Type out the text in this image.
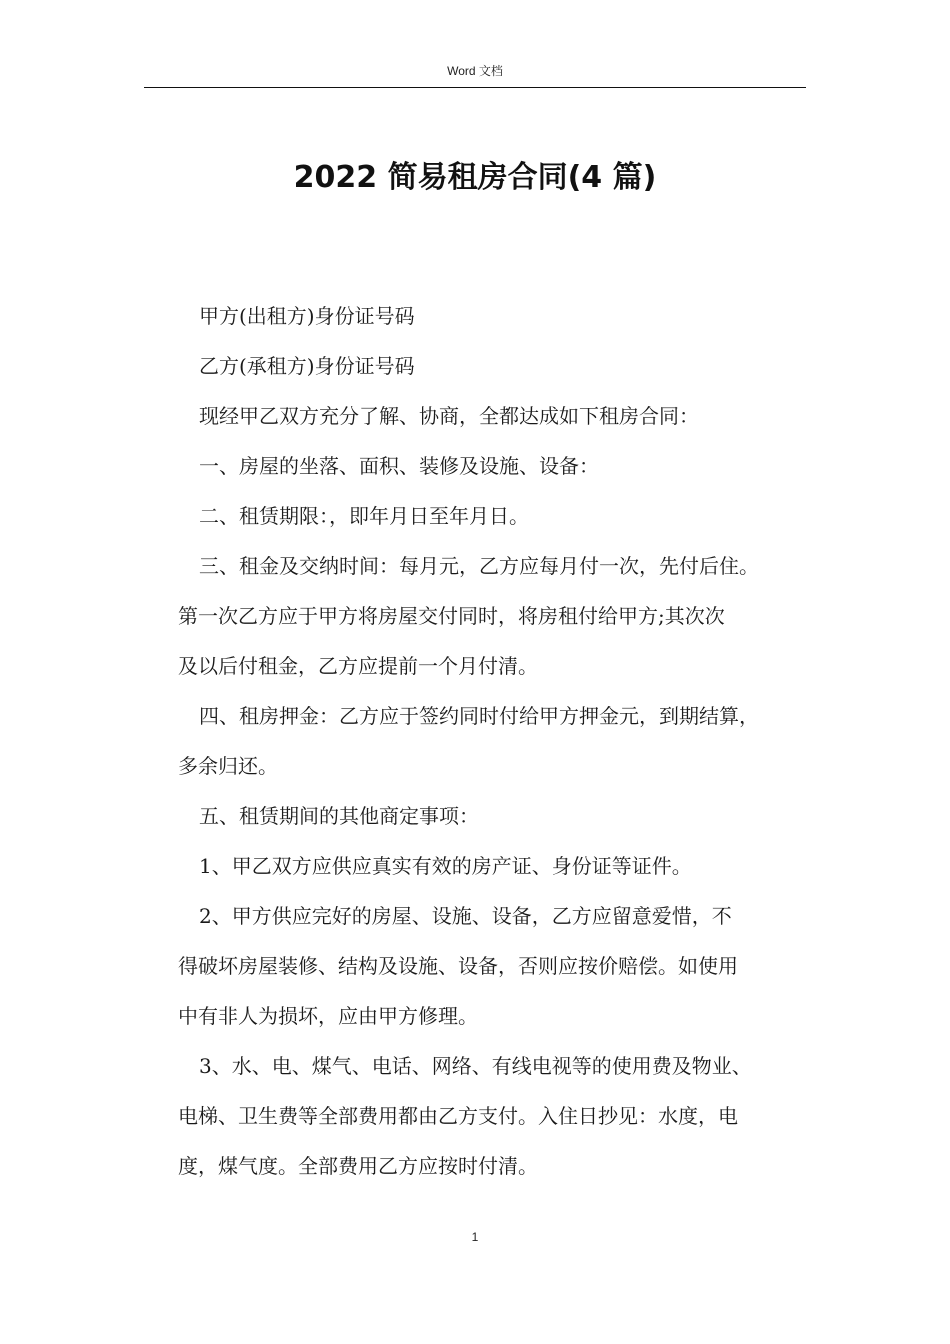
Word 文档
2022 简易租房合同(4 篇)

甲方(出租方)身份证号码

乙方(承租方)身份证号码

现经甲乙双方充分了解、协商，全都达成如下租房合同：

一、房屋的坐落、面积、装修及设施、设备：

二、租赁期限：，即年月日至年月日。

三、租金及交纳时间：每月元，乙方应每月付一次，先付后住。

第一次乙方应于甲方将房屋交付同时，将房租付给甲方;其次次

及以后付租金，乙方应提前一个月付清。

四、租房押金：乙方应于签约同时付给甲方押金元，到期结算，

多余归还。

五、租赁期间的其他商定事项：

1、甲乙双方应供应真实有效的房产证、身份证等证件。

2、甲方供应完好的房屋、设施、设备，乙方应留意爱惜，不

得破坏房屋装修、结构及设施、设备，否则应按价赔偿。如使用

中有非人为损坏，应由甲方修理。

3、水、电、煤气、电话、网络、有线电视等的使用费及物业、

电梯、卫生费等全部费用都由乙方支付。入住日抄见：水度，电

度，煤气度。全部费用乙方应按时付清。

1
